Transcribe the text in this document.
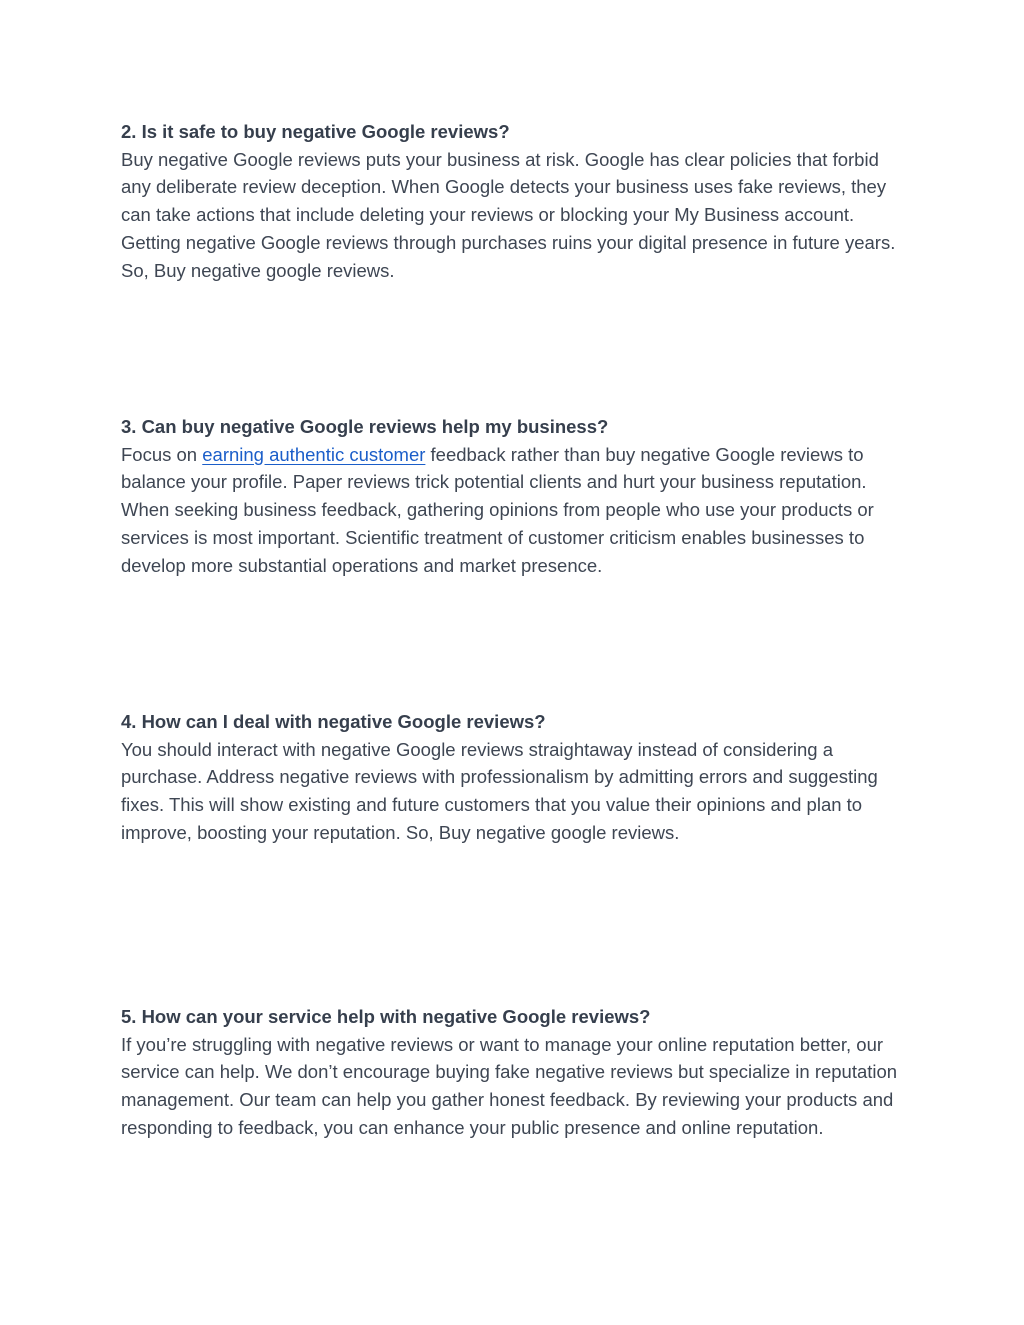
2. Is it safe to buy negative Google reviews?
Buy negative Google reviews puts your business at risk. Google has clear policies that forbid any deliberate review deception. When Google detects your business uses fake reviews, they can take actions that include deleting your reviews or blocking your My Business account. Getting negative Google reviews through purchases ruins your digital presence in future years. So, Buy negative google reviews.
3. Can buy negative Google reviews help my business?
Focus on earning authentic customer feedback rather than buy negative Google reviews to balance your profile. Paper reviews trick potential clients and hurt your business reputation. When seeking business feedback, gathering opinions from people who use your products or services is most important. Scientific treatment of customer criticism enables businesses to develop more substantial operations and market presence.
4. How can I deal with negative Google reviews?
You should interact with negative Google reviews straightaway instead of considering a purchase. Address negative reviews with professionalism by admitting errors and suggesting fixes. This will show existing and future customers that you value their opinions and plan to improve, boosting your reputation. So, Buy negative google reviews.
5. How can your service help with negative Google reviews?
If you’re struggling with negative reviews or want to manage your online reputation better, our service can help. We don’t encourage buying fake negative reviews but specialize in reputation management. Our team can help you gather honest feedback. By reviewing your products and responding to feedback, you can enhance your public presence and online reputation.
